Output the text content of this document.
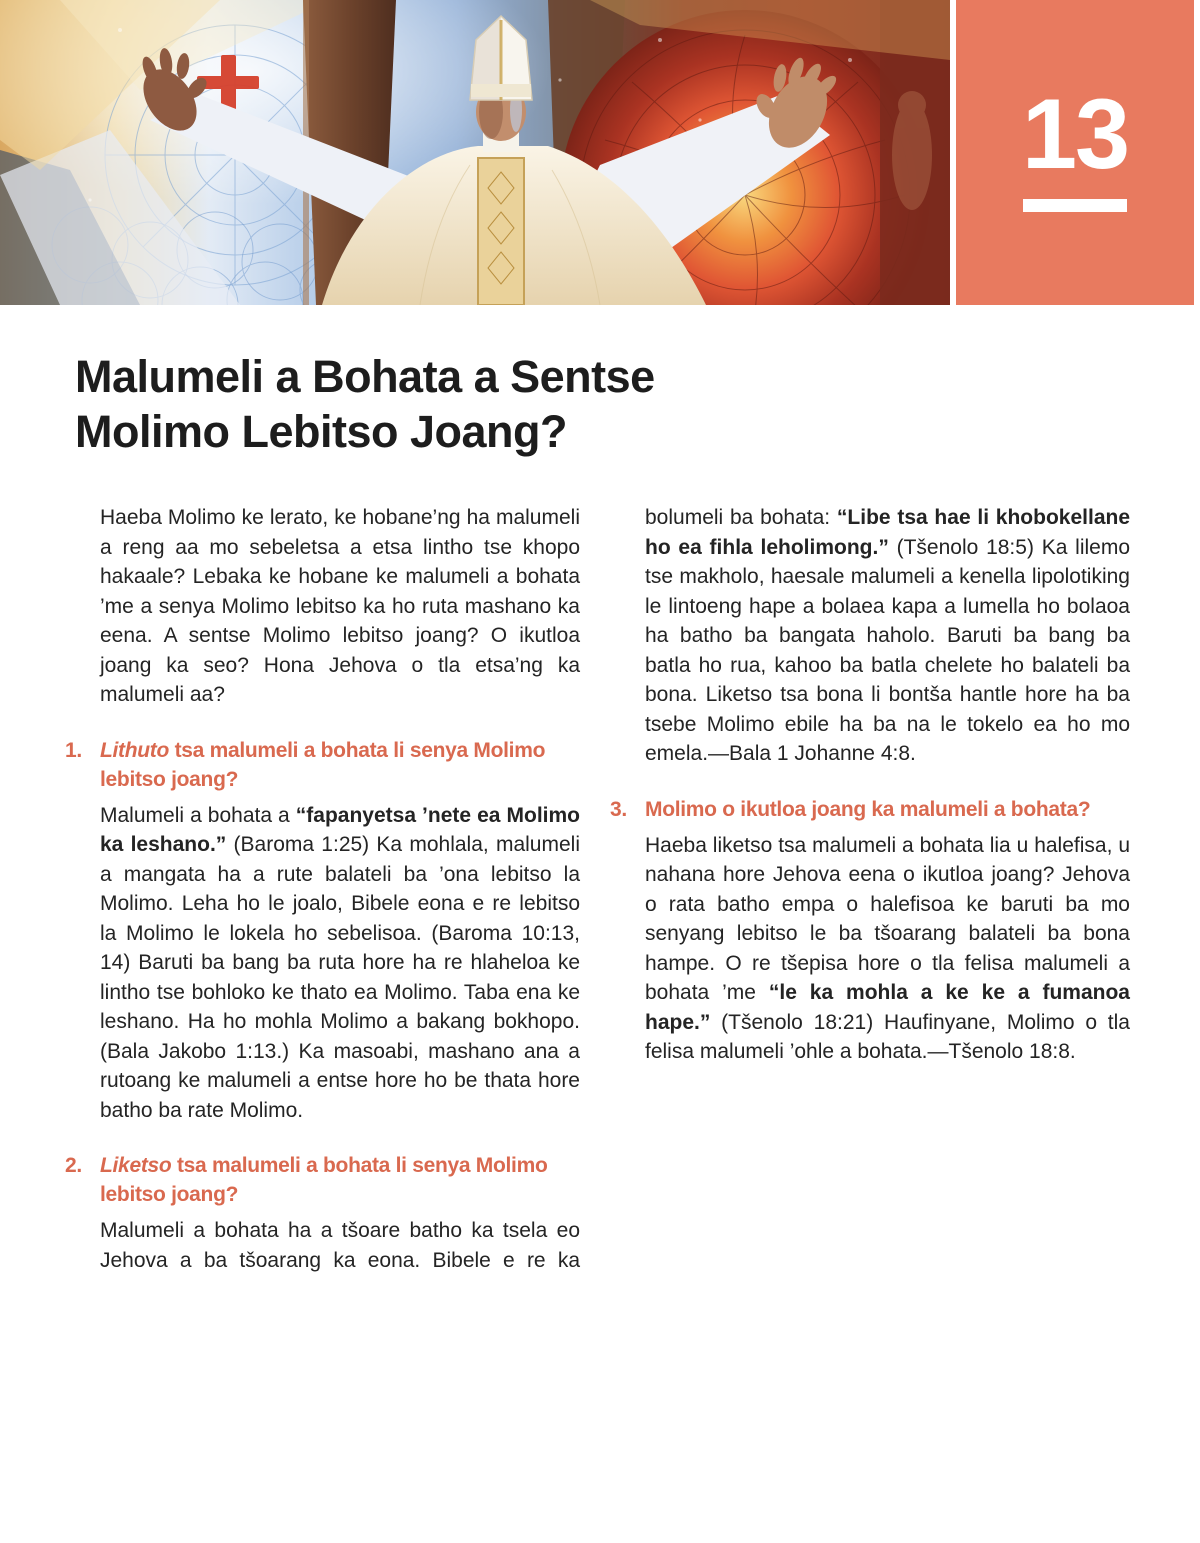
13
Malumeli a Bohata a Sentse
Molimo Lebitso Joang?
Haeba Molimo ke lerato, ke hobane’ng ha malumeli a reng aa mo sebeletsa a etsa lintho tse khopo hakaale? Lebaka ke hobane ke malumeli a bohata ’me a senya Molimo lebitso ka ho ruta mashano ka eena. A sentse Molimo lebitso joang? O ikutloa joang ka seo? Hona Jehova o tla etsa’ng ka malumeli aa?
1. Lithuto tsa malumeli a bohata li senya Molimo lebitso joang?
Malumeli a bohata a “fapanyetsa ’nete ea Molimo ka leshano.” (Baroma 1:25) Ka mohlala, malumeli a mangata ha a rute balateli ba ’ona lebitso la Molimo. Leha ho le joalo, Bibele eona e re lebitso la Molimo le lokela ho sebelisoa. (Baroma 10:13, 14) Baruti ba bang ba ruta hore ha re hlaheloa ke lintho tse bohloko ke thato ea Molimo. Taba ena ke leshano. Ha ho mohla Molimo a bakang bokhopo. (Bala Jakobo 1:13.) Ka masoabi, mashano ana a rutoang ke malumeli a entse hore ho be thata hore batho ba rate Molimo.
2. Liketso tsa malumeli a bohata li senya Molimo lebitso joang?
Malumeli a bohata ha a tšoare batho ka tsela eo Jehova a ba tšoarang ka eona. Bibele e re ka
bolumeli ba bohata: “Libe tsa hae li khobokellane ho ea fihla leholimong.” (Tšenolo 18:5) Ka lilemo tse makholo, haesale malumeli a kenella lipolotiking le lintoeng hape a bolaea kapa a lumella ho bolaoa ha batho ba bangata haholo. Baruti ba bang ba batla ho rua, kahoo ba batla chelete ho balateli ba bona. Liketso tsa bona li bontša hantle hore ha ba tsebe Molimo ebile ha ba na le tokelo ea ho mo emela.—Bala 1 Johanne 4:8.
3. Molimo o ikutloa joang ka malumeli a bohata?
Haeba liketso tsa malumeli a bohata lia u halefisa, u nahana hore Jehova eena o ikutloa joang? Jehova o rata batho empa o halefisoa ke baruti ba mo senyang lebitso le ba tšoarang balateli ba bona hampe. O re tšepisa hore o tla felisa malumeli a bohata ’me “le ka mohla a ke ke a fumanoa hape.” (Tšenolo 18:21) Haufinyane, Molimo o tla felisa malumeli ’ohle a bohata.—Tšenolo 18:8.
